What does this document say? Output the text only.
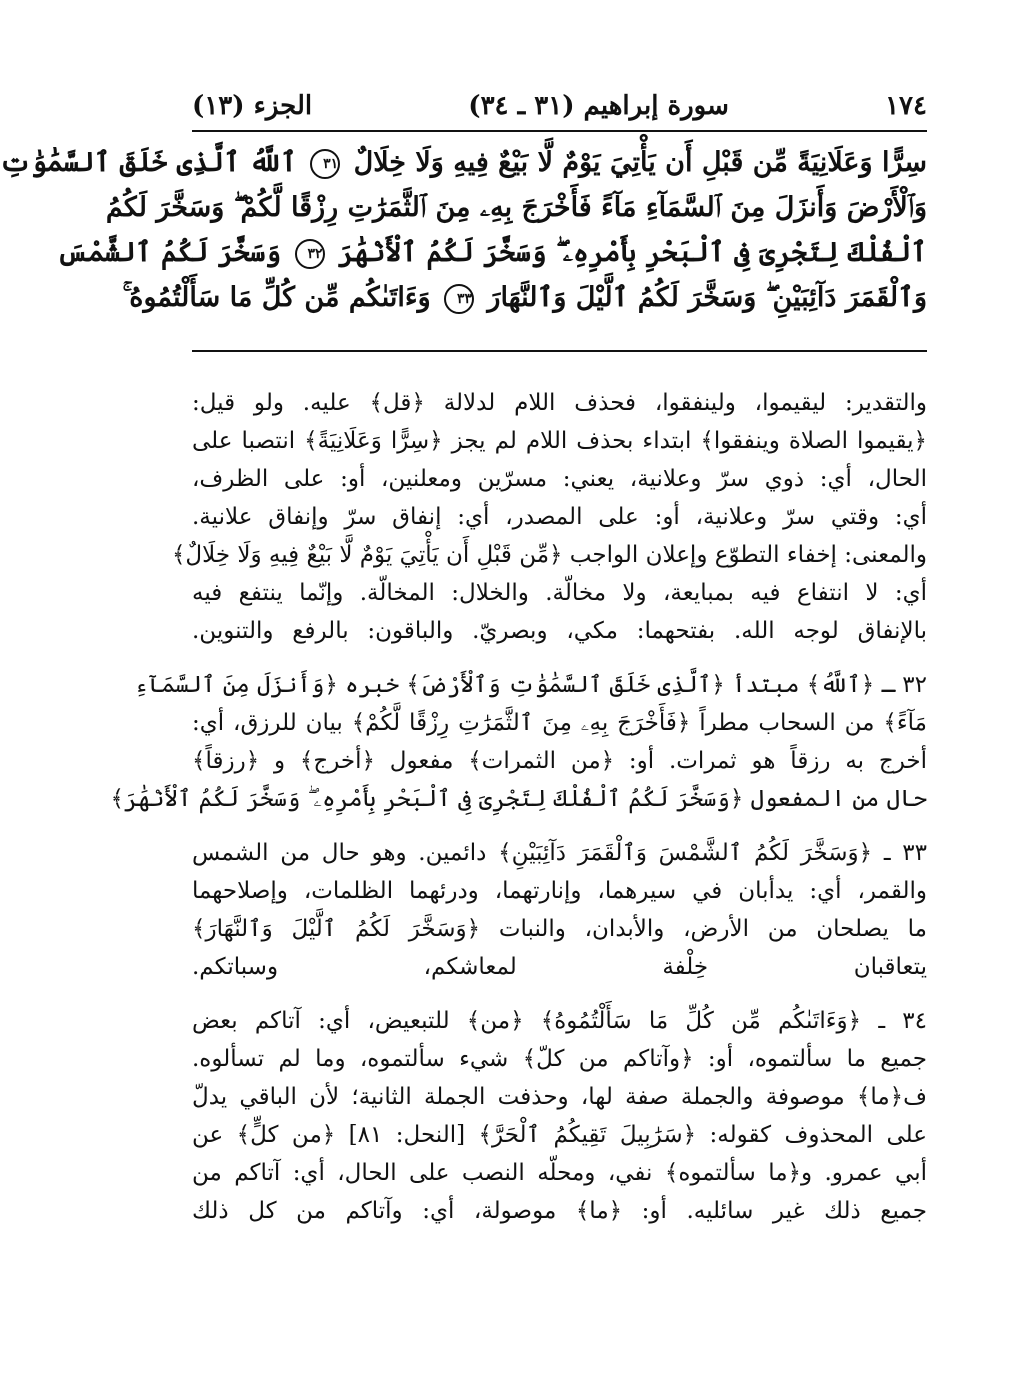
١٧٤
سورة إبراهيم (٣١ ـ ٣٤)
الجزء (١٣)
سِرًّا وَعَلَانِيَةً مِّن قَبْلِ أَن يَأْتِيَ يَوْمٌ لَّا بَيْعٌ فِيهِ وَلَا خِلَالٌ ٣١ ٱللَّهُ ٱلَّذِى خَلَقَ ٱلسَّمَٰوَٰتِ
وَٱلْأَرْضَ وَأَنزَلَ مِنَ ٱلسَّمَآءِ مَآءً فَأَخْرَجَ بِهِۦ مِنَ ٱلثَّمَرَٰتِ رِزْقًا لَّكُمْ ۖ وَسَخَّرَ لَكُمُ
ٱلْفُلْكَ لِتَجْرِىَ فِى ٱلْبَحْرِ بِأَمْرِهِۦ ۖ وَسَخَّرَ لَكُمُ ٱلْأَنْهَٰرَ ٣٢ وَسَخَّرَ لَكُمُ ٱلشَّمْسَ
وَٱلْقَمَرَ دَآئِبَيْنِ ۖ وَسَخَّرَ لَكُمُ ٱلَّيْلَ وَٱلنَّهَارَ ٣٣ وَءَاتَىٰكُم مِّن كُلِّ مَا سَأَلْتُمُوهُ ۚ
والتقدير: ليقيموا، ولينفقوا، فحذف اللام لدلالة ﴿قل﴾ عليه. ولو قيل:
﴿يقيموا الصلاة وينفقوا﴾ ابتداء بحذف اللام لم يجز ﴿سِرًّا وَعَلَانِيَةً﴾ انتصبا على
الحال، أي: ذوي سرّ وعلانية، يعني: مسرّين ومعلنين، أو: على الظرف،
أي: وقتي سرّ وعلانية، أو: على المصدر، أي: إنفاق سرّ وإنفاق علانية.
والمعنى: إخفاء التطوّع وإعلان الواجب ﴿مِّن قَبْلِ أَن يَأْتِيَ يَوْمٌ لَّا بَيْعٌ فِيهِ وَلَا خِلَالٌ﴾
أي: لا انتفاع فيه بمبايعة، ولا مخالّة. والخلال: المخالّة. وإنّما ينتفع فيه
بالإنفاق لوجه الله. بفتحهما: مكي، وبصريّ. والباقون: بالرفع والتنوين.
٣٢ ـ ﴿ٱللَّهُ﴾ مبتدأ ﴿ٱلَّذِى خَلَقَ ٱلسَّمَٰوَٰتِ وَٱلْأَرْضَ﴾ خبره ﴿وَأَنزَلَ مِنَ ٱلسَّمَآءِ
مَآءً﴾ من السحاب مطراً ﴿فَأَخْرَجَ بِهِۦ مِنَ ٱلثَّمَرَٰتِ رِزْقًا لَّكُمْ﴾ بيان للرزق، أي:
أخرج به رزقاً هو ثمرات. أو: ﴿من الثمرات﴾ مفعول ﴿أخرج﴾ و ﴿رزقاً﴾
حال من المفعول ﴿وَسَخَّرَ لَكُمُ ٱلْفُلْكَ لِتَجْرِىَ فِى ٱلْبَحْرِ بِأَمْرِهِۦ ۖ وَسَخَّرَ لَكُمُ ٱلْأَنْهَٰرَ﴾
٣٣ ـ ﴿وَسَخَّرَ لَكُمُ ٱلشَّمْسَ وَٱلْقَمَرَ دَآئِبَيْنِ﴾ دائمين. وهو حال من الشمس
والقمر، أي: يدأبان في سيرهما، وإنارتهما، ودرئهما الظلمات، وإصلاحهما
ما يصلحان من الأرض، والأبدان، والنبات ﴿وَسَخَّرَ لَكُمُ ٱلَّيْلَ وَٱلنَّهَارَ﴾
يتعاقبان خِلْفة لمعاشكم، وسباتكم.
٣٤ ـ ﴿وَءَاتَىٰكُم مِّن كُلِّ مَا سَأَلْتُمُوهُ﴾ ﴿من﴾ للتبعيض، أي: آتاكم بعض
جميع ما سألتموه، أو: ﴿وآتاكم من كلّ﴾ شيء سألتموه، وما لم تسألوه.
ف﴿ما﴾ موصوفة والجملة صفة لها، وحذفت الجملة الثانية؛ لأن الباقي يدلّ
على المحذوف كقوله: ﴿سَرَٰبِيلَ تَقِيكُمُ ٱلْحَرَّ﴾ [النحل: ٨١] ﴿من كلٍّ﴾ عن
أبي عمرو. و﴿ما سألتموه﴾ نفي، ومحلّه النصب على الحال، أي: آتاكم من
جميع ذلك غير سائليه. أو: ﴿ما﴾ موصولة، أي: وآتاكم من كل ذلك
